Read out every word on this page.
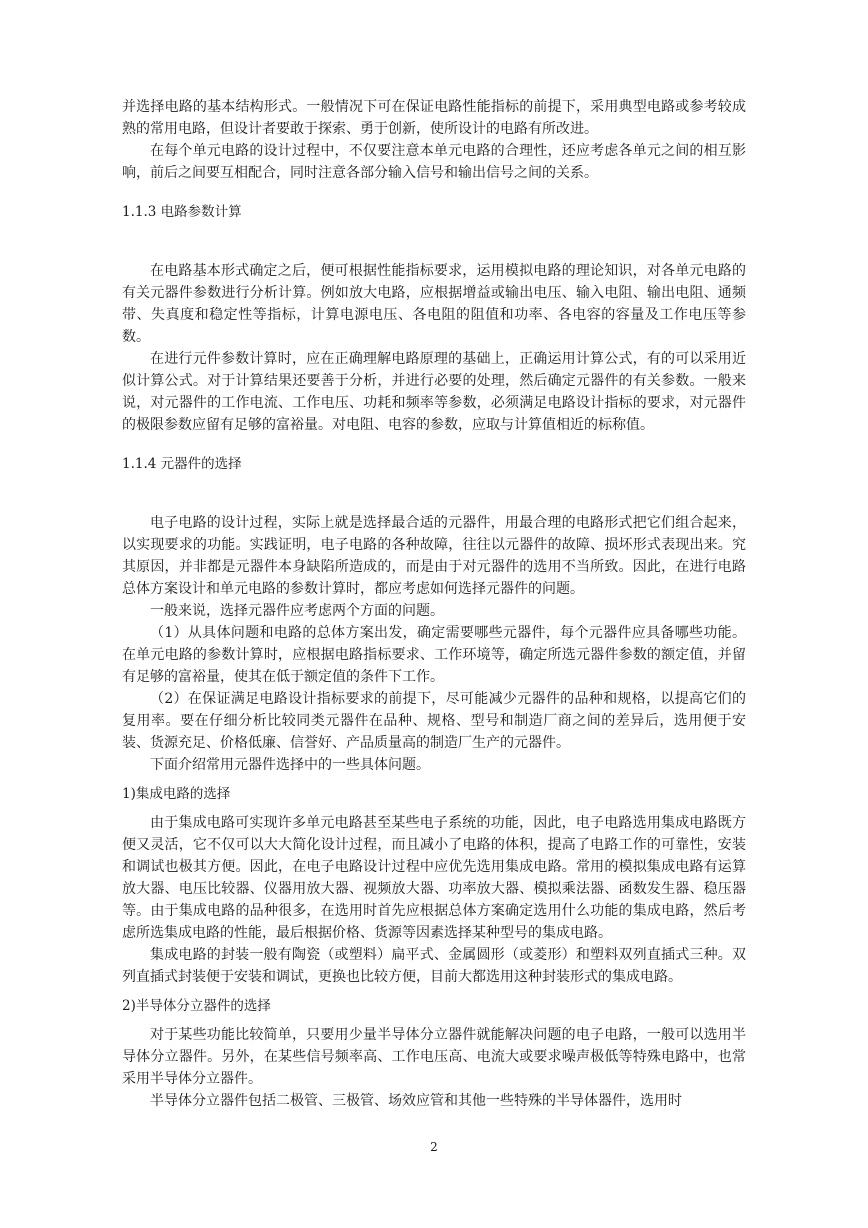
并选择电路的基本结构形式。一般情况下可在保证电路性能指标的前提下，采用典型电路或参考较成熟的常用电路，但设计者要敢于探索、勇于创新，使所设计的电路有所改进。

在每个单元电路的设计过程中，不仅要注意本单元电路的合理性，还应考虑各单元之间的相互影响，前后之间要互相配合，同时注意各部分输入信号和输出信号之间的关系。

1.1.3 电路参数计算

在电路基本形式确定之后，便可根据性能指标要求，运用模拟电路的理论知识，对各单元电路的有关元器件参数进行分析计算。例如放大电路，应根据增益或输出电压、输入电阻、输出电阻、通频带、失真度和稳定性等指标，计算电源电压、各电阻的阻值和功率、各电容的容量及工作电压等参数。

在进行元件参数计算时，应在正确理解电路原理的基础上，正确运用计算公式，有的可以采用近似计算公式。对于计算结果还要善于分析，并进行必要的处理，然后确定元器件的有关参数。一般来说，对元器件的工作电流、工作电压、功耗和频率等参数，必须满足电路设计指标的要求，对元器件的极限参数应留有足够的富裕量。对电阻、电容的参数，应取与计算值相近的标称值。

1.1.4 元器件的选择

电子电路的设计过程，实际上就是选择最合适的元器件，用最合理的电路形式把它们组合起来，以实现要求的功能。实践证明，电子电路的各种故障，往往以元器件的故障、损坏形式表现出来。究其原因，并非都是元器件本身缺陷所造成的，而是由于对元器件的选用不当所致。因此，在进行电路总体方案设计和单元电路的参数计算时，都应考虑如何选择元器件的问题。

一般来说，选择元器件应考虑两个方面的问题。

（1）从具体问题和电路的总体方案出发，确定需要哪些元器件，每个元器件应具备哪些功能。在单元电路的参数计算时，应根据电路指标要求、工作环境等，确定所选元器件参数的额定值，并留有足够的富裕量，使其在低于额定值的条件下工作。

（2）在保证满足电路设计指标要求的前提下，尽可能减少元器件的品种和规格，以提高它们的复用率。要在仔细分析比较同类元器件在品种、规格、型号和制造厂商之间的差异后，选用便于安装、货源充足、价格低廉、信誉好、产品质量高的制造厂生产的元器件。

下面介绍常用元器件选择中的一些具体问题。

1)集成电路的选择

由于集成电路可实现许多单元电路甚至某些电子系统的功能，因此，电子电路选用集成电路既方便又灵活，它不仅可以大大简化设计过程，而且减小了电路的体积，提高了电路工作的可靠性，安装和调试也极其方便。因此，在电子电路设计过程中应优先选用集成电路。常用的模拟集成电路有运算放大器、电压比较器、仪器用放大器、视频放大器、功率放大器、模拟乘法器、函数发生器、稳压器等。由于集成电路的品种很多，在选用时首先应根据总体方案确定选用什么功能的集成电路，然后考虑所选集成电路的性能，最后根据价格、货源等因素选择某种型号的集成电路。

集成电路的封装一般有陶瓷（或塑料）扁平式、金属圆形（或菱形）和塑料双列直插式三种。双列直插式封装便于安装和调试，更换也比较方便，目前大都选用这种封装形式的集成电路。

2)半导体分立器件的选择

对于某些功能比较简单，只要用少量半导体分立器件就能解决问题的电子电路，一般可以选用半导体分立器件。另外，在某些信号频率高、工作电压高、电流大或要求噪声极低等特殊电路中，也常采用半导体分立器件。

半导体分立器件包括二极管、三极管、场效应管和其他一些特殊的半导体器件，选用时

2
